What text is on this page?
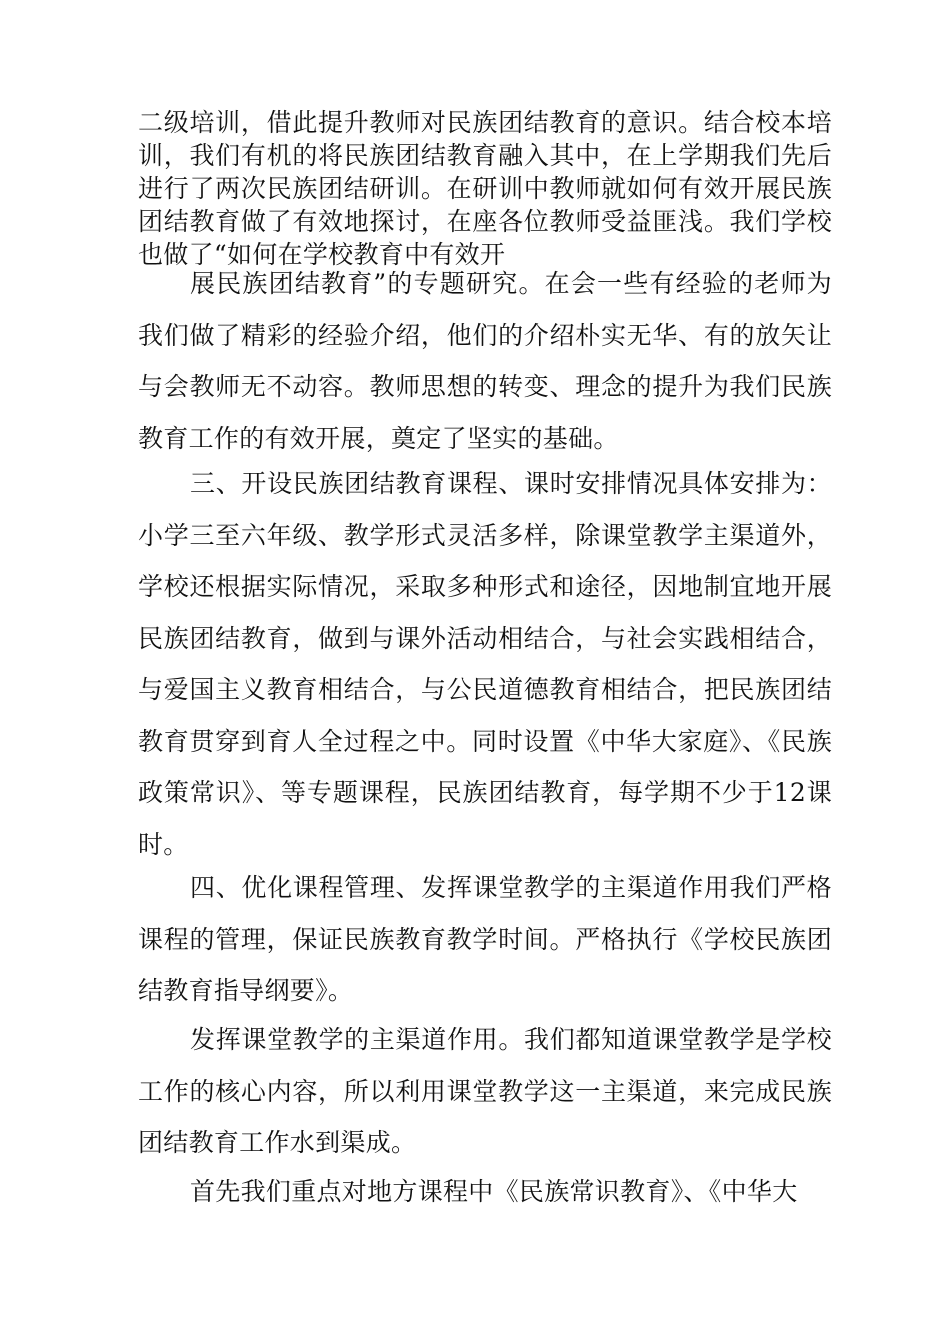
二级培训，借此提升教师对民族团结教育的意识。结合校本培训，我们有机的将民族团结教育融入其中，在上学期我们先后进行了两次民族团结研训。在研训中教师就如何有效开展民族团结教育做了有效地探讨，在座各位教师受益匪浅。我们学校也做了“如何在学校教育中有效开

展民族团结教育”的专题研究。在会一些有经验的老师为我们做了精彩的经验介绍，他们的介绍朴实无华、有的放矢让与会教师无不动容。教师思想的转变、理念的提升为我们民族教育工作的有效开展，奠定了坚实的基础。

三、开设民族团结教育课程、课时安排情况具体安排为：小学三至六年级、教学形式灵活多样，除课堂教学主渠道外，学校还根据实际情况，采取多种形式和途径，因地制宜地开展民族团结教育，做到与课外活动相结合，与社会实践相结合，与爱国主义教育相结合，与公民道德教育相结合，把民族团结教育贯穿到育人全过程之中。同时设置《中华大家庭》、《民族政策常识》、等专题课程，民族团结教育，每学期不少于12课时。

四、优化课程管理、发挥课堂教学的主渠道作用我们严格课程的管理，保证民族教育教学时间。严格执行《学校民族团结教育指导纲要》。

发挥课堂教学的主渠道作用。我们都知道课堂教学是学校工作的核心内容，所以利用课堂教学这一主渠道，来完成民族团结教育工作水到渠成。

首先我们重点对地方课程中《民族常识教育》、《中华大
